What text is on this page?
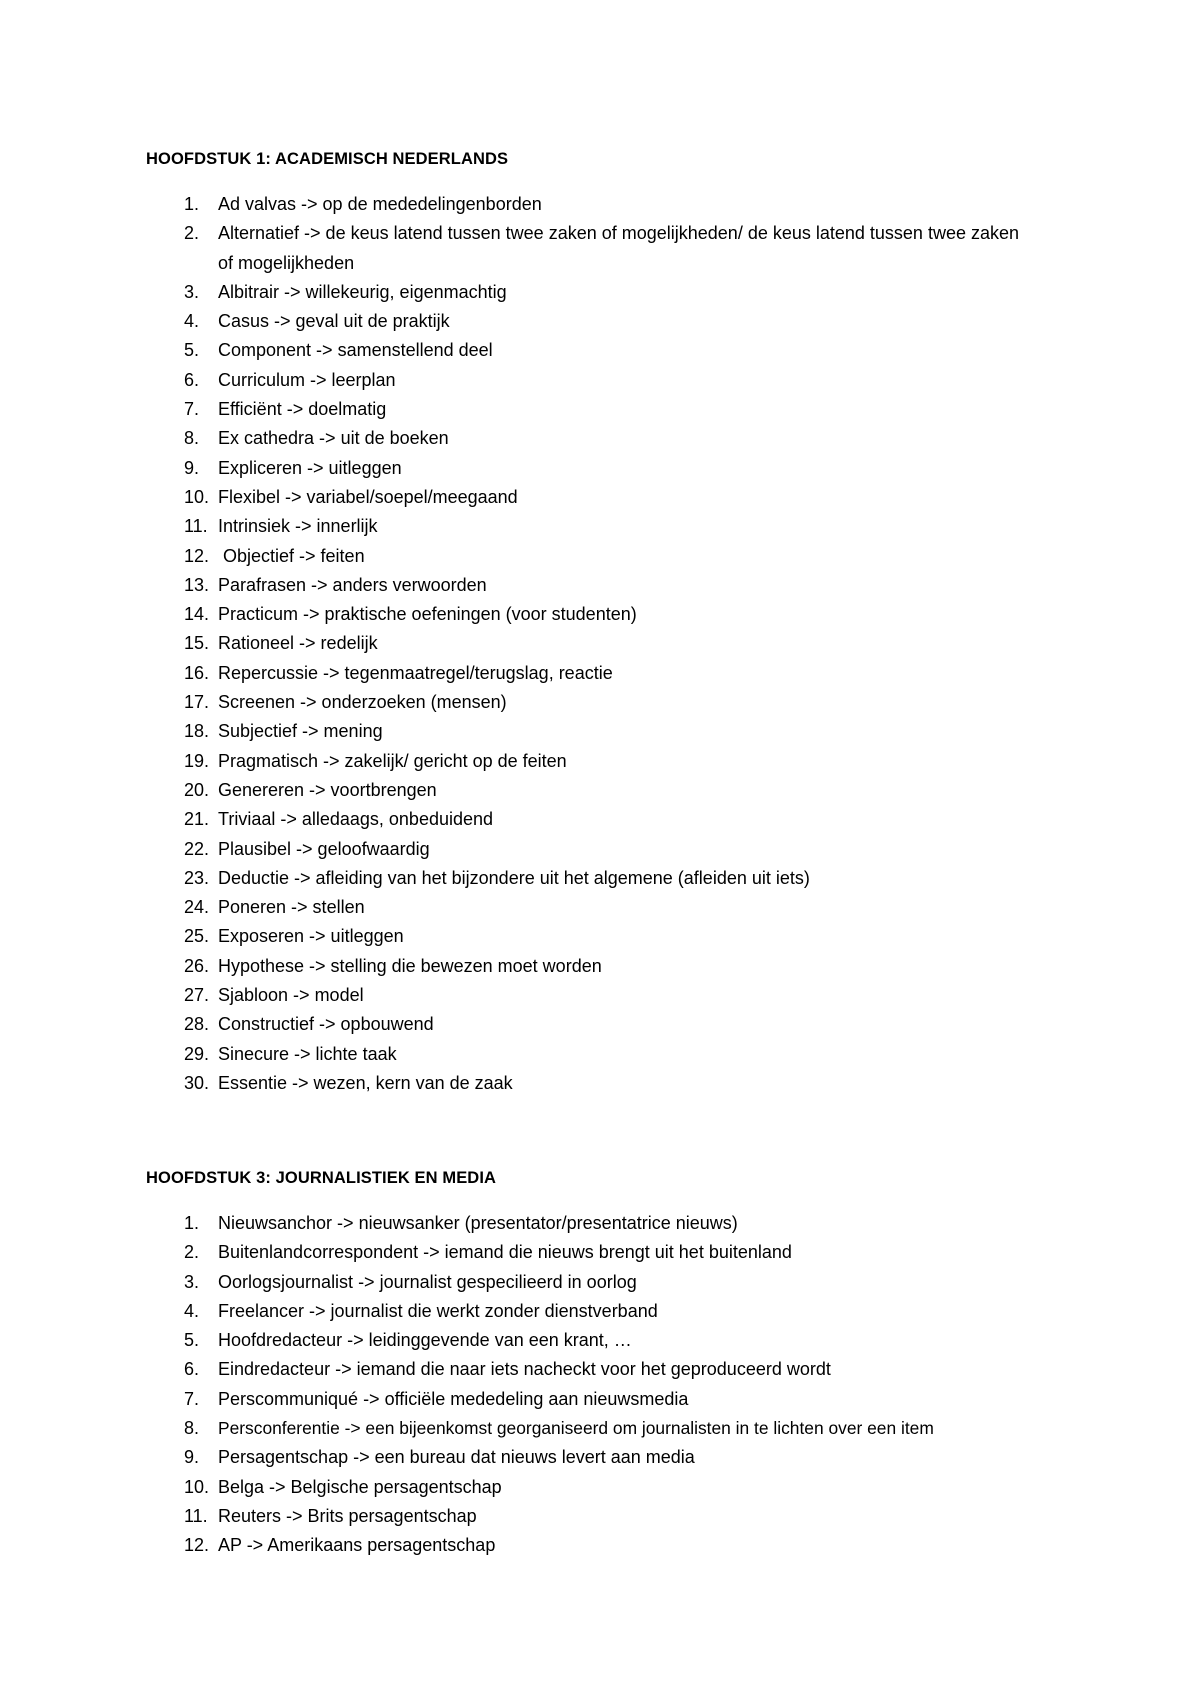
HOOFDSTUK 1: ACADEMISCH NEDERLANDS
1.	Ad valvas -> op de mededelingenborden
2.	Alternatief -> de keus latend tussen twee zaken of mogelijkheden/ de keus latend tussen twee zaken of mogelijkheden
3.	Albitrair -> willekeurig, eigenmachtig
4.	Casus -> geval uit de praktijk
5.	Component -> samenstellend deel
6.	Curriculum -> leerplan
7.	Efficiënt -> doelmatig
8.	Ex cathedra -> uit de boeken
9.	Expliceren -> uitleggen
10. Flexibel -> variabel/soepel/meegaand
11. Intrinsiek -> innerlijk
12. Objectief -> feiten
13. Parafrasen -> anders verwoorden
14. Practicum -> praktische oefeningen (voor studenten)
15. Rationeel -> redelijk
16. Repercussie -> tegenmaatregel/terugslag, reactie
17. Screenen -> onderzoeken (mensen)
18. Subjectief -> mening
19. Pragmatisch -> zakelijk/ gericht op de feiten
20. Genereren -> voortbrengen
21. Triviaal -> alledaags, onbeduidend
22. Plausibel -> geloofwaardig
23. Deductie -> afleiding van het bijzondere uit het algemene (afleiden uit iets)
24. Poneren -> stellen
25. Exposeren -> uitleggen
26. Hypothese -> stelling die bewezen moet worden
27. Sjabloon -> model
28. Constructief -> opbouwend
29. Sinecure -> lichte taak
30. Essentie -> wezen, kern van de zaak
HOOFDSTUK 3: JOURNALISTIEK EN MEDIA
1.	Nieuwsanchor -> nieuwsanker (presentator/presentatrice nieuws)
2.	Buitenlandcorrespondent -> iemand die nieuws brengt uit het buitenland
3.	Oorlogsjournalist -> journalist gespecilieerd in oorlog
4.	Freelancer -> journalist die werkt zonder dienstverband
5.	Hoofdredacteur -> leidinggevende van een krant, …
6.	Eindredacteur -> iemand die naar iets nacheckt voor het geproduceerd wordt
7.	Perscommuniqué -> officiële mededeling aan nieuwsmedia
8.	Persconferentie -> een bijeenkomst georganiseerd om journalisten in te lichten over een item
9.	Persagentschap -> een bureau dat nieuws levert aan media
10. Belga -> Belgische persagentschap
11. Reuters -> Brits persagentschap
12. AP -> Amerikaans persagentschap
